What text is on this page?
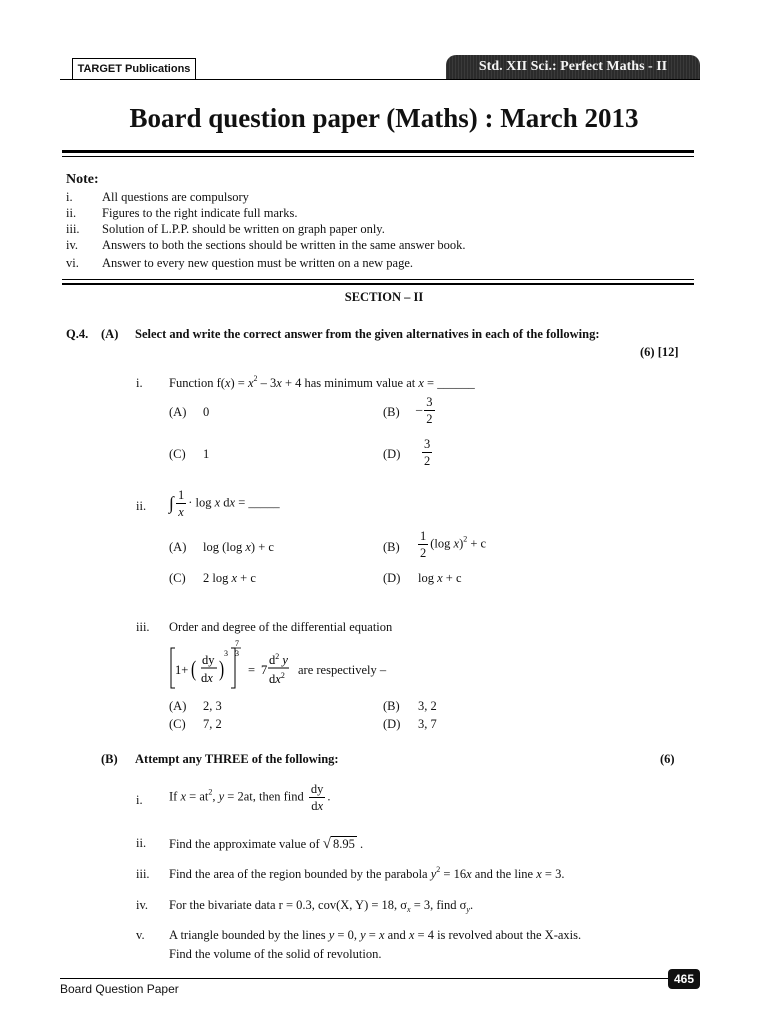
TARGET Publications	Std. XII Sci.: Perfect Maths - II
Board question paper (Maths) : March 2013
Note:
i. All questions are compulsory
ii. Figures to the right indicate full marks.
iii. Solution of L.P.P. should be written on graph paper only.
iv. Answers to both the sections should be written in the same answer book.
vi. Answer to every new question must be written on a new page.
SECTION – II
Q.4. (A) Select and write the correct answer from the given alternatives in each of the following:
(6) [12]
i. Function $f(x) = x^2 - 3x + 4$ has minimum value at x = ______
(A) 0	$(B) - \frac{3}{2}$
(C) 1	$(D) \frac{3}{2}$
ii. ∫ $\frac{1}{x} \cdot \log x$ dx = _____
(A) log (log x) + c	$(B) \frac{1}{2} (\log$ x)$^2$ + c
(C) 2 log x + c	(D) log x + c
iii. Order and degree of the differential equation
1+ ( dy
dx )
3
7
3
= 7
$d^2$ y
$dx^2$ are respectively –
(A) 2, 3	(B) 3, 2
(C) 7, 2	(D) 3, 7
(B) Attempt any THREE of the following:	(6)
i. If $x = at^2$, y = 2at, then find $\frac{dy}{dx}$ .
ii. Find the approximate value of √ 8.95 .
iii. Find the area of the region bounded by the parabola $y^2 = 16x$ and the line x = 3.
iv. For the bivariate data r = 0.3, cov(X, Y) = 18, $\sigma_x = 3$, find $\sigma_y$.
v. A triangle bounded by the lines y = 0, y = x and x = 4 is revolved about the X-axis.
Find the volume of the solid of revolution.
Board Question Paper
465
